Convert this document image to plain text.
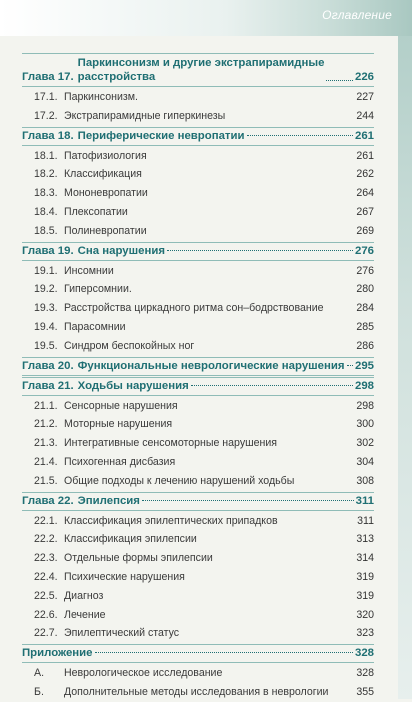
Оглавление
Глава 17.
Паркинсонизм и другие экстрапирамидные
расстройства	226
17.1. Паркинсонизм.	227
17.2. Экстрапирамидные гиперкинезы	244
Глава 18. Периферические невропатии	261
18.1. Патофизиология	261
18.2. Классификация	262
18.3. Мононевропатии	264
18.4. Плексопатии	267
18.5. Полиневропатии	269
Глава 19. Сна нарушения	276
19.1. Инсомнии	276
19.2. Гиперсомнии.	280
19.3. Расстройства циркадного ритма сон–бодрствование	284
19.4. Парасомнии	285
19.5. Синдром беспокойных ног	286
Глава 20. Функциональные неврологические нарушения 295
Глава 21. Ходьбы нарушения	298
21.1. Сенсорные нарушения	298
21.2. Моторные нарушения	300
21.3. Интегративные сенсомоторные нарушения	302
21.4. Психогенная дисбазия	304
21.5. Общие подходы к лечению нарушений ходьбы	308
Глава 22. Эпилепсия	311
22.1. Классификация эпилептических припадков	311
22.2. Классификация эпилепсии	313
22.3. Отдельные формы эпилепсии	314
22.4. Психические нарушения	319
22.5. Диагноз	319
22.6. Лечение	320
22.7. Эпилептический статус	323
Приложение	328
А.	Неврологическое исследование	328
Б.	Дополнительные методы исследования в неврологии	355
